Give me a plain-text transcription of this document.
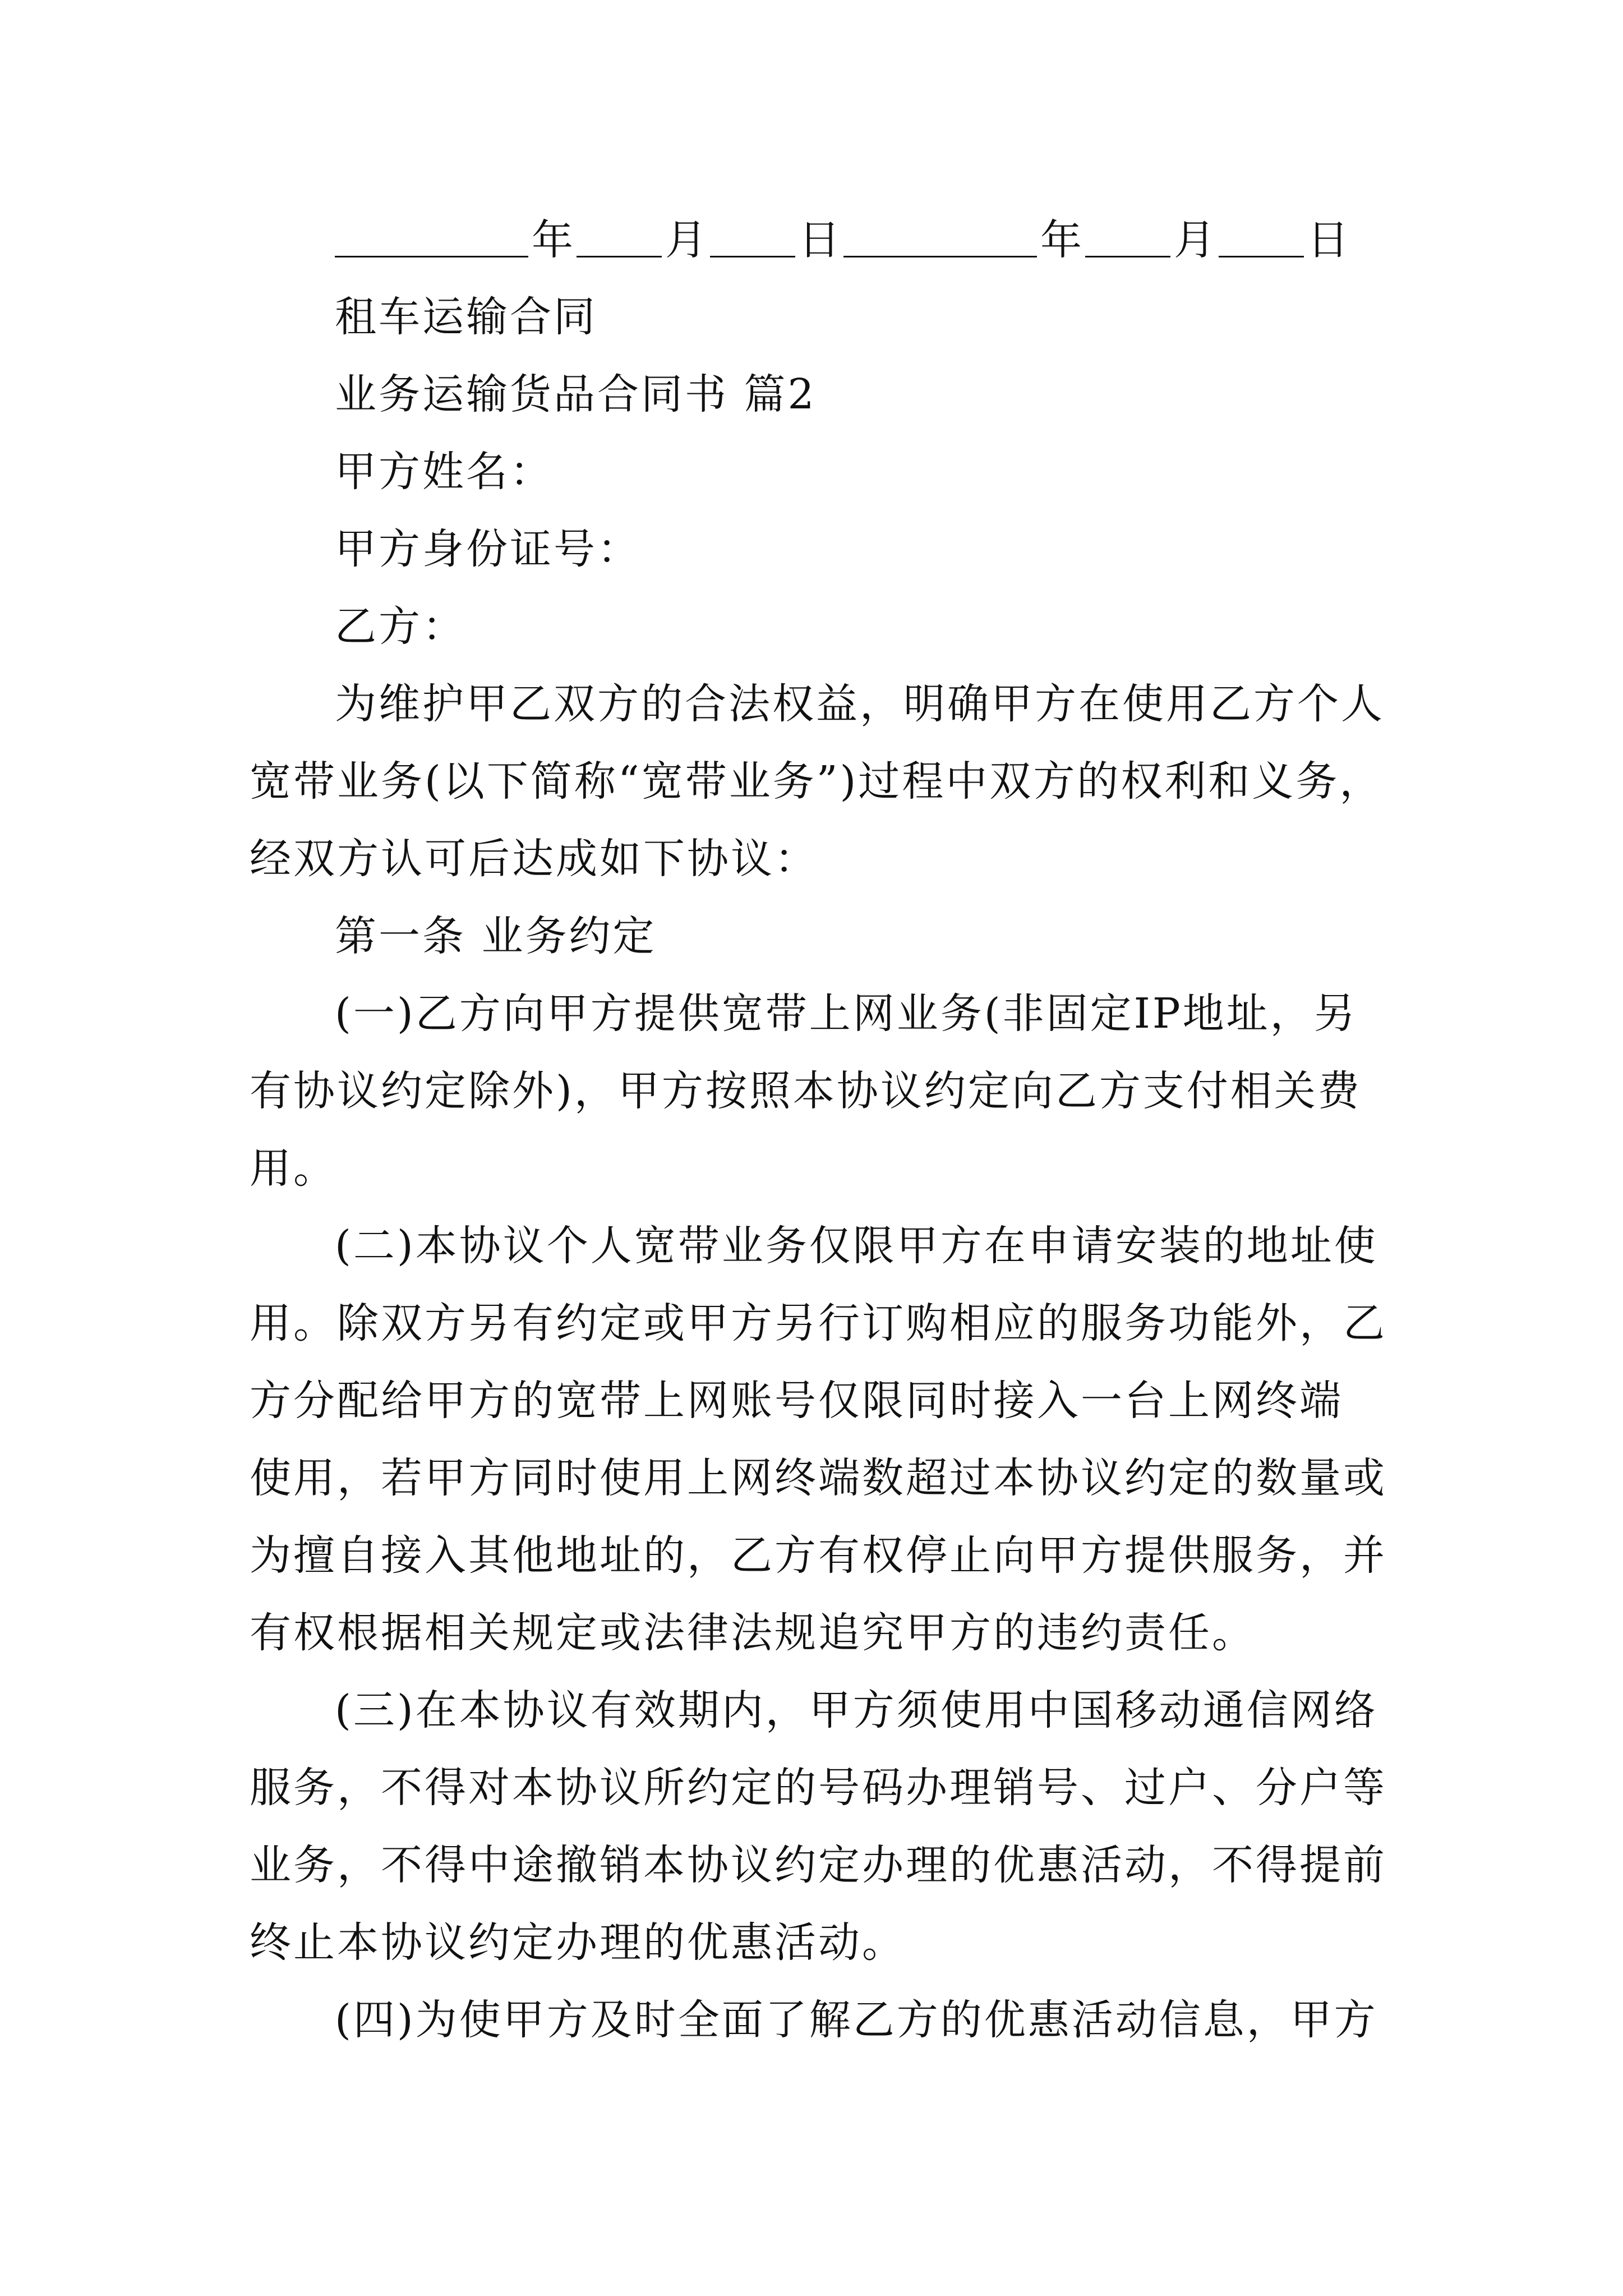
年 月 日	年 月 日
租车运输合同
业务运输货品合同书 篇2
甲方姓名：
甲方身份证号：
乙方：
为维护甲乙双方的合法权益，明确甲方在使用乙方个人
宽带业务(以下简称“宽带业务”)过程中双方的权利和义务，
经双方认可后达成如下协议：
第一条 业务约定
(一)乙方向甲方提供宽带上网业务(非固定IP地址，另
有协议约定除外)，甲方按照本协议约定向乙方支付相关费
用。
(二)本协议个人宽带业务仅限甲方在申请安装的地址使
用。除双方另有约定或甲方另行订购相应的服务功能外，乙
方分配给甲方的宽带上网账号仅限同时接入一台上网终端
使用，若甲方同时使用上网终端数超过本协议约定的数量或
为擅自接入其他地址的，乙方有权停止向甲方提供服务，并
有权根据相关规定或法律法规追究甲方的违约责任。
(三)在本协议有效期内，甲方须使用中国移动通信网络
服务，不得对本协议所约定的号码办理销号、过户、分户等
业务，不得中途撤销本协议约定办理的优惠活动，不得提前
终止本协议约定办理的优惠活动。
(四)为使甲方及时全面了解乙方的优惠活动信息，甲方
